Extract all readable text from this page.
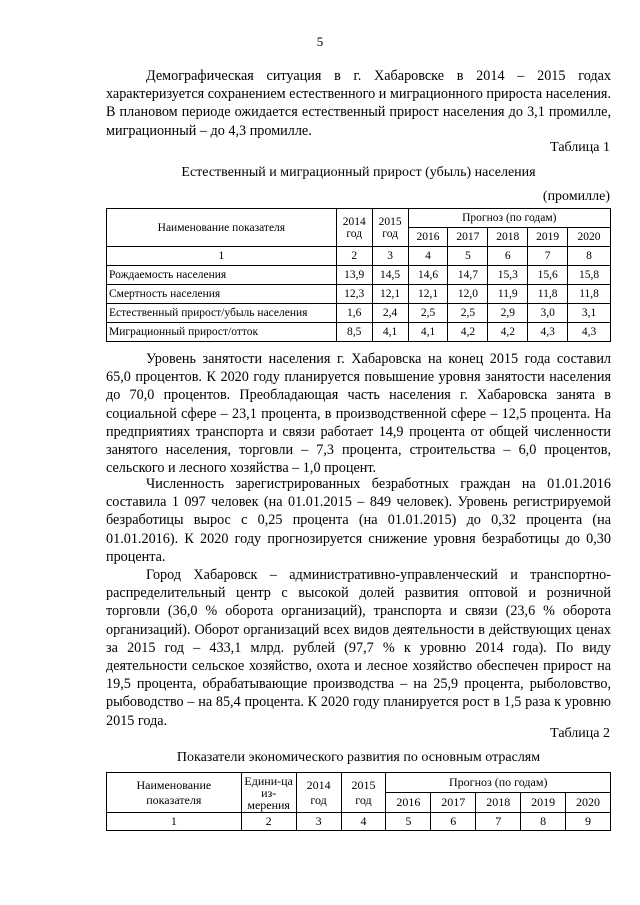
5

Демографическая ситуация в г. Хабаровске в 2014 – 2015 годах характеризуется сохранением естественного и миграционного прироста населения. В плановом периоде ожидается естественный прирост населения до 3,1 промилле, миграционный – до 4,3 промилле.

Таблица 1
Естественный и миграционный прирост (убыль) населения
(промилле)
Наименование показателя	2014 год	2015 год	Прогноз (по годам)				
			2016	2017	2018	2019	2020
1	2	3	4	5	6	7	8
Рождаемость населения	13,9	14,5	14,6	14,7	15,3	15,6	15,8
Смертность населения	12,3	12,1	12,1	12,0	11,9	11,8	11,8
Естественный прирост/убыль населения	1,6	2,4	2,5	2,5	2,9	3,0	3,1
Миграционный прирост/отток	8,5	4,1	4,1	4,2	4,2	4,3	4,3

Уровень занятости населения г. Хабаровска на конец 2015 года составил 65,0 процентов. К 2020 году планируется повышение уровня занятости населения до 70,0 процентов. Преобладающая часть населения г. Хабаровска занята в социальной сфере – 23,1 процента, в производственной сфере – 12,5 процента. На предприятиях транспорта и связи работает 14,9 процента от общей численности занятого населения, торговли – 7,3 процента, строительства – 6,0 процентов, сельского и лесного хозяйства – 1,0 процент.

Численность зарегистрированных безработных граждан на 01.01.2016 составила 1 097 человек (на 01.01.2015 – 849 человек). Уровень регистрируемой безработицы вырос с 0,25 процента (на 01.01.2015) до 0,32 процента (на 01.01.2016). К 2020 году прогнозируется снижение уровня безработицы до 0,30 процента.

Город Хабаровск – административно-управленческий и транспортно-распределительный центр с высокой долей развития оптовой и розничной торговли (36,0 % оборота организаций), транспорта и связи (23,6 % оборота организаций). Оборот организаций всех видов деятельности в действующих ценах за 2015 год – 433,1 млрд. рублей (97,7 % к уровню 2014 года). По виду деятельности сельское хозяйство, охота и лесное хозяйство обеспечен прирост на 19,5 процента, обрабатывающие производства – на 25,9 процента, рыболовство, рыбоводство – на 85,4 процента. К 2020 году планируется рост в 1,5 раза к уровню 2015 года.

Таблица 2
Показатели экономического развития по основным отраслям
Наименование показателя	Едини-ца из-мерения	2014 год	2015 год	Прогноз (по годам)				
				2016	2017	2018	2019	2020
1	2	3	4	5	6	7	8	9
